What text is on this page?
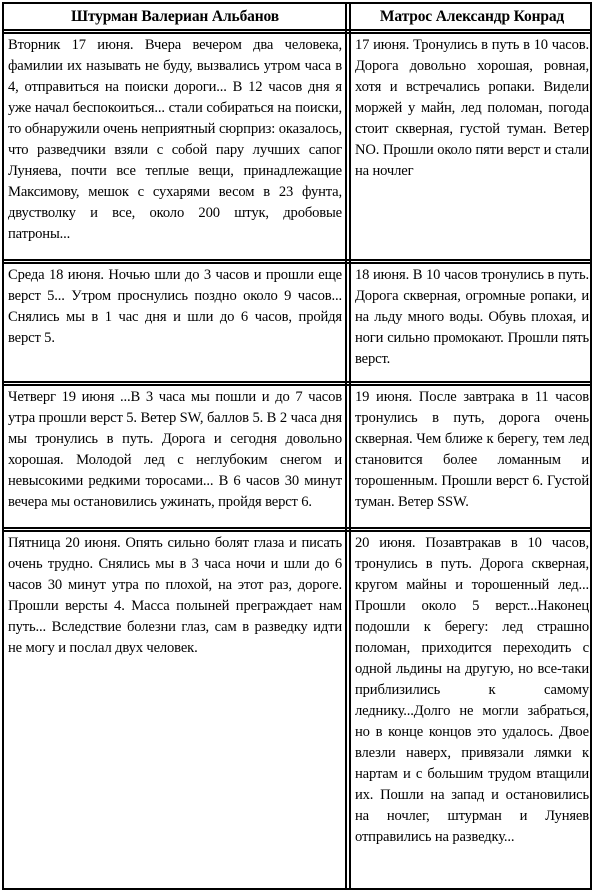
Штурман Валериан Альбанов	Матрос Александр Конрад

Вторник 17 июня. Вчера вечером два человека, фамилии их называть не буду, вызвались утром часа в 4, отправиться на поиски дороги... В 12 часов дня я уже начал беспокоиться... стали собираться на поиски, то обнаружили очень неприятный сюрприз: оказалось, что разведчики взяли с собой пару лучших сапог Луняева, почти все теплые вещи, принадлежащие Максимову, мешок с сухарями весом в 23 фунта, двустволку и все, около 200 штук, дробовые патроны...

17 июня. Тронулись в путь в 10 часов. Дорога довольно хорошая, ровная, хотя и встречались ропаки. Видели моржей у майн, лед поломан, погода стоит скверная, густой туман. Ветер NO. Прошли около пяти верст и стали на ночлег

Среда 18 июня. Ночью шли до 3 часов и прошли еще верст 5... Утром проснулись поздно около 9 часов... Снялись мы в 1 час дня и шли до 6 часов, пройдя верст 5.

18 июня. В 10 часов тронулись в путь. Дорога скверная, огромные ропаки, и на льду много воды. Обувь плохая, и ноги сильно промокают. Прошли пять верст.

Четверг 19 июня ...В 3 часа мы пошли и до 7 часов утра прошли верст 5. Ветер SW, баллов 5. В 2 часа дня мы тронулись в путь. Дорога и сегодня довольно хорошая. Молодой лед с неглубоким снегом и невысокими редкими торосами... В 6 часов 30 минут вечера мы остановились ужинать, пройдя верст 6.

19 июня. После завтрака в 11 часов тронулись в путь, дорога очень скверная. Чем ближе к берегу, тем лед становится более ломанным и торошенным. Прошли верст 6. Густой туман. Ветер SSW.

Пятница 20 июня. Опять сильно болят глаза и писать очень трудно. Снялись мы в 3 часа ночи и шли до 6 часов 30 минут утра по плохой, на этот раз, дороге. Прошли версты 4. Масса полыней преграждает нам путь... Вследствие болезни глаз, сам в разведку идти не могу и послал двух человек.

20 июня. Позавтракав в 10 часов, тронулись в путь. Дорога скверная, кругом майны и торошенный лед... Прошли около 5 верст...Наконец подошли к берегу: лед страшно поломан, приходится переходить с одной льдины на другую, но все-таки приблизились к самому леднику...Долго не могли забраться, но в конце концов это удалось. Двое влезли наверх, привязали лямки к нартам и с большим трудом втащили их. Пошли на запад и остановились на ночлег, штурман и Луняев отправились на разведку...
